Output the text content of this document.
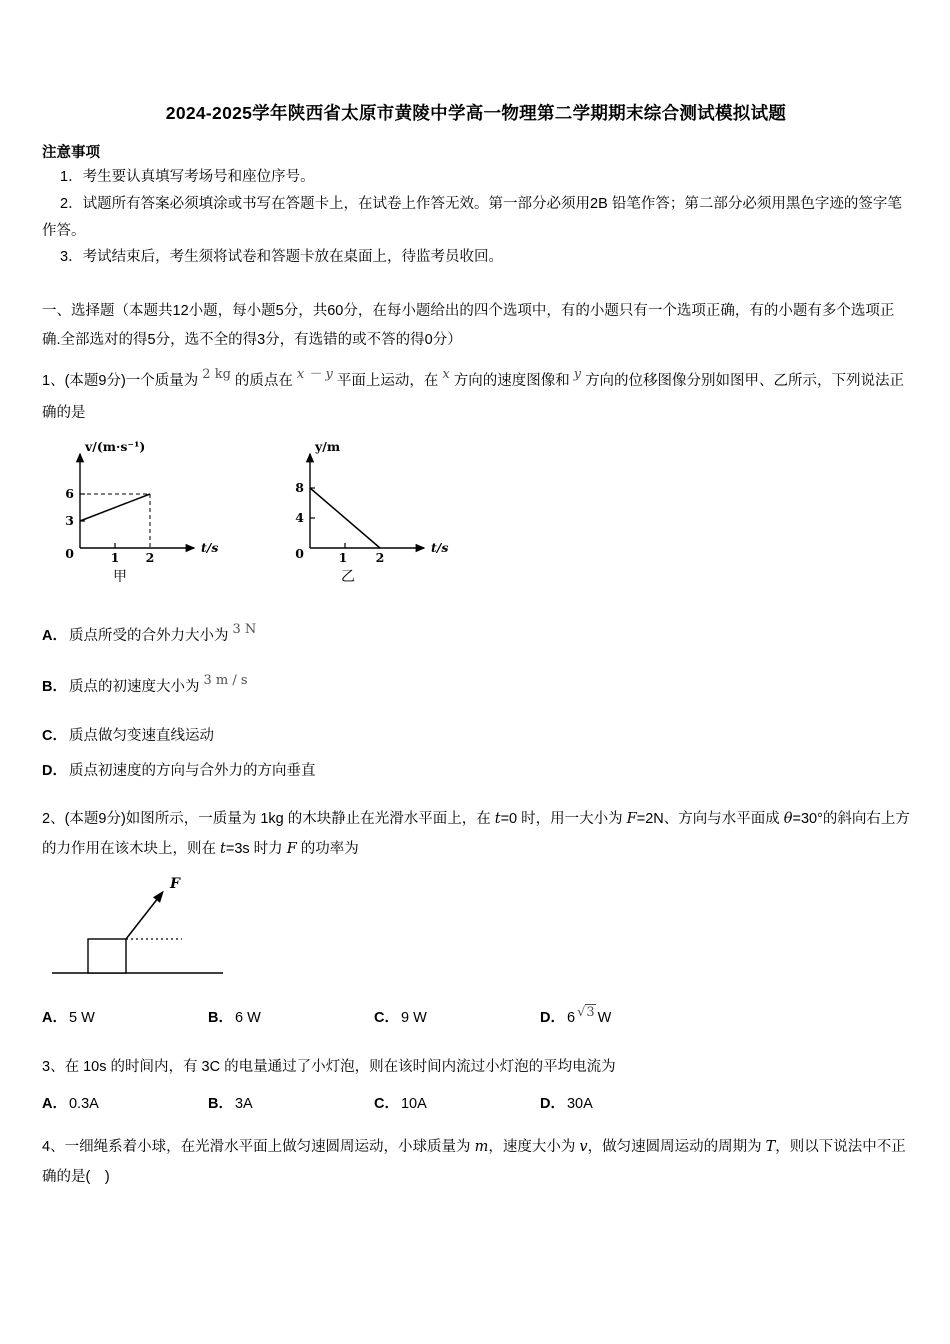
2024-2025学年陕西省太原市黄陵中学高一物理第二学期期末综合测试模拟试题

注意事项

1．考生要认真填写考场号和座位序号。

2．试题所有答案必须填涂或书写在答题卡上，在试卷上作答无效。第一部分必须用2B 铅笔作答；第二部分必须用黑色字迹的签字笔作答。

3．考试结束后，考生须将试卷和答题卡放在桌面上，待监考员收回。

一、选择题（本题共12小题，每小题5分，共60分，在每小题给出的四个选项中，有的小题只有一个选项正确，有的小题有多个选项正确.全部选对的得5分，选不全的得3分，有选错的或不答的得0分）

1、(本题9分)一个质量为 2 kg 的质点在 x － y 平面上运动，在 x 方向的速度图像和 y 方向的位移图像分别如图甲、乙所示，下列说法正确的是

v/(m·s⁻¹)
6
3
0	1 2
t/s
甲
y/m
8
4
0	1 2
t/s
乙

A． 质点所受的合外力大小为 3 N

B． 质点的初速度大小为 3 m / s

C． 质点做匀变速直线运动

D． 质点初速度的方向与合外力的方向垂直

2、(本题9分)如图所示，一质量为 1kg 的木块静止在光滑水平面上，在 t=0 时，用一大小为 F=2N、方向与水平面成 θ=30°的斜向右上方的力作用在该木块上，则在 t=3s 时力 F 的功率为

F
A． 5 W	B． 6 W	C． 9 W	D． 6 √3 W

3、在 10s 的时间内，有 3C 的电量通过了小灯泡，则在该时间内流过小灯泡的平均电流为

A． 0.3A	B． 3A	C． 10A	D． 30A

4、一细绳系着小球，在光滑水平面上做匀速圆周运动，小球质量为 m，速度大小为 v，做匀速圆周运动的周期为 T，则以下说法中不正确的是(　)
